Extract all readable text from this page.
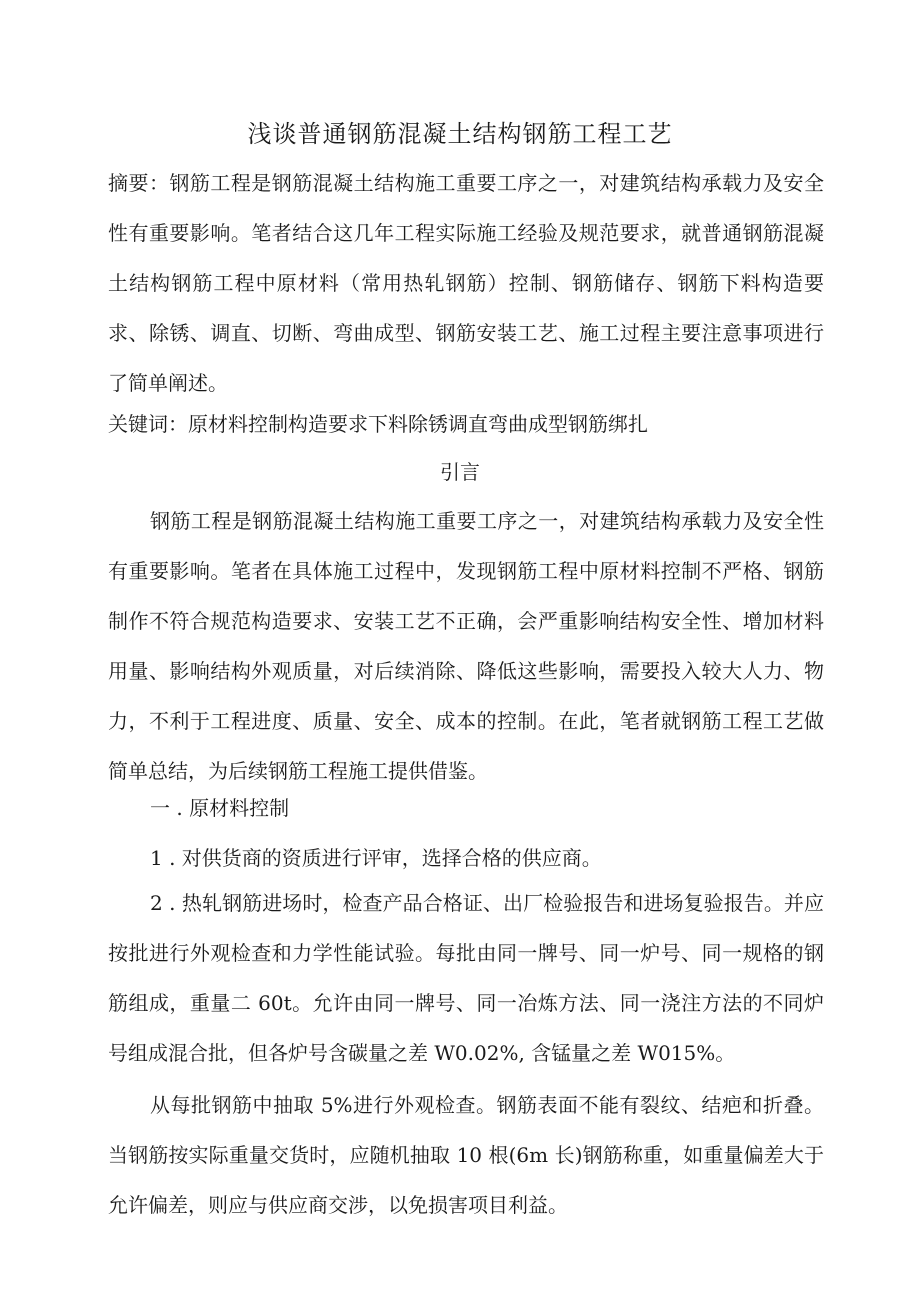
浅谈普通钢筋混凝土结构钢筋工程工艺

摘要：钢筋工程是钢筋混凝土结构施工重要工序之一，对建筑结构承载力及安全性有重要影响。笔者结合这几年工程实际施工经验及规范要求，就普通钢筋混凝土结构钢筋工程中原材料（常用热轧钢筋）控制、钢筋储存、钢筋下料构造要求、除锈、调直、切断、弯曲成型、钢筋安装工艺、施工过程主要注意事项进行了简单阐述。

关键词：原材料控制构造要求下料除锈调直弯曲成型钢筋绑扎
引言

钢筋工程是钢筋混凝土结构施工重要工序之一，对建筑结构承载力及安全性有重要影响。笔者在具体施工过程中，发现钢筋工程中原材料控制不严格、钢筋制作不符合规范构造要求、安装工艺不正确，会严重影响结构安全性、增加材料用量、影响结构外观质量，对后续消除、降低这些影响，需要投入较大人力、物力，不利于工程进度、质量、安全、成本的控制。在此，笔者就钢筋工程工艺做简单总结，为后续钢筋工程施工提供借鉴。

一 . 原材料控制
1 . 对供货商的资质进行评审，选择合格的供应商。

2 . 热轧钢筋进场时，检查产品合格证、出厂检验报告和进场复验报告。并应按批进行外观检查和力学性能试验。每批由同一牌号、同一炉号、同一规格的钢筋组成，重量二 60t。允许由同一牌号、同一冶炼方法、同一浇注方法的不同炉号组成混合批，但各炉号含碳量之差 W0.02%, 含锰量之差 W015%。

从每批钢筋中抽取 5%进行外观检查。钢筋表面不能有裂纹、结疤和折叠。当钢筋按实际重量交货时，应随机抽取 10 根(6m 长)钢筋称重，如重量偏差大于允许偏差，则应与供应商交涉，以免损害项目利益。
